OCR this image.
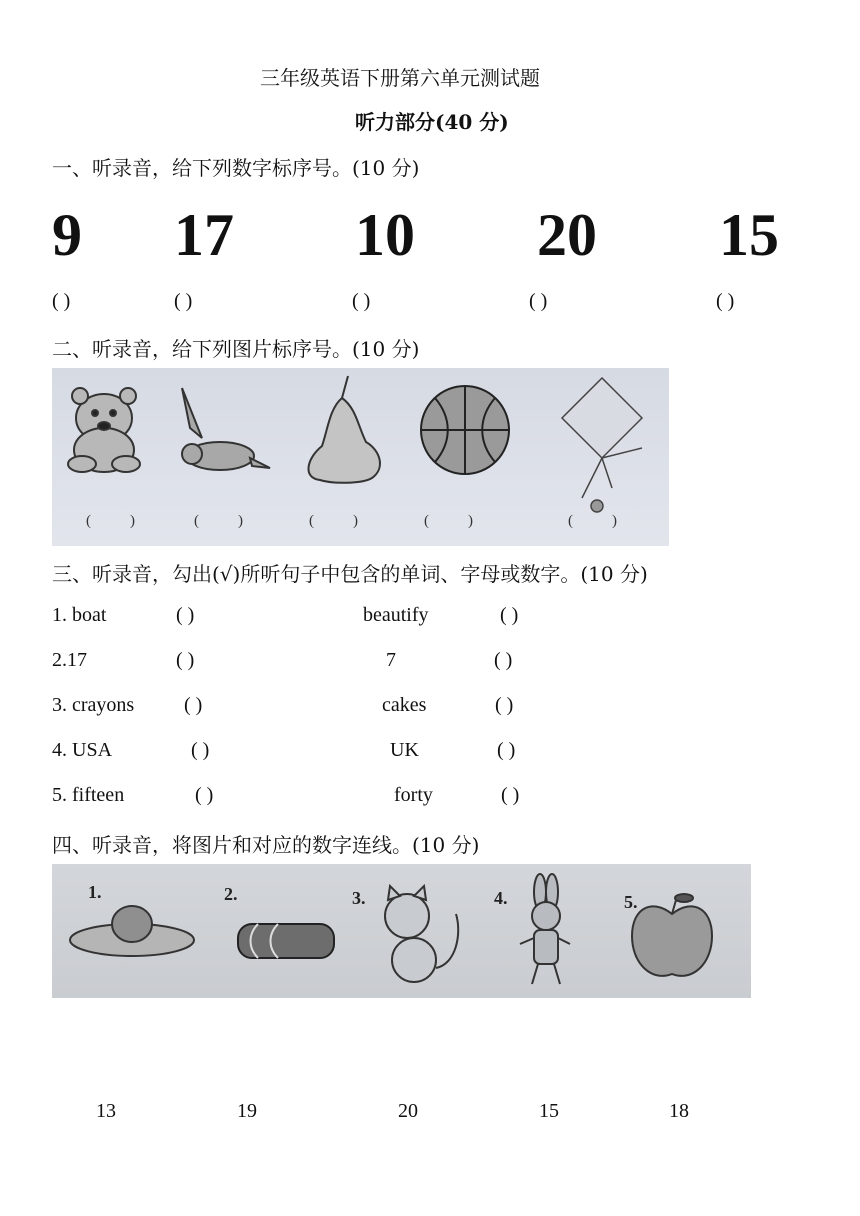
三年级英语下册第六单元测试题
听力部分(40 分)
一、听录音，给下列数字标序号。(10 分)
9 17 10 20 15
( )	( )	( )	( )	( )
二、听录音，给下列图片标序号。(10 分)
(	)	(	)	(	)	(	)	(	)
三、听录音，勾出(√)所听句子中包含的单词、字母或数字。(10 分)
1. boat	( )	beautify	( )
2.17	( )	7	( )
3. crayons ( )	cakes	( )
4. USA	( )	UK	( )
5. fifteen	( )	forty	( )
四、听录音，将图片和对应的数字连线。(10 分)
1.	2.	3.	4.	5.
13	19	20	15	18
